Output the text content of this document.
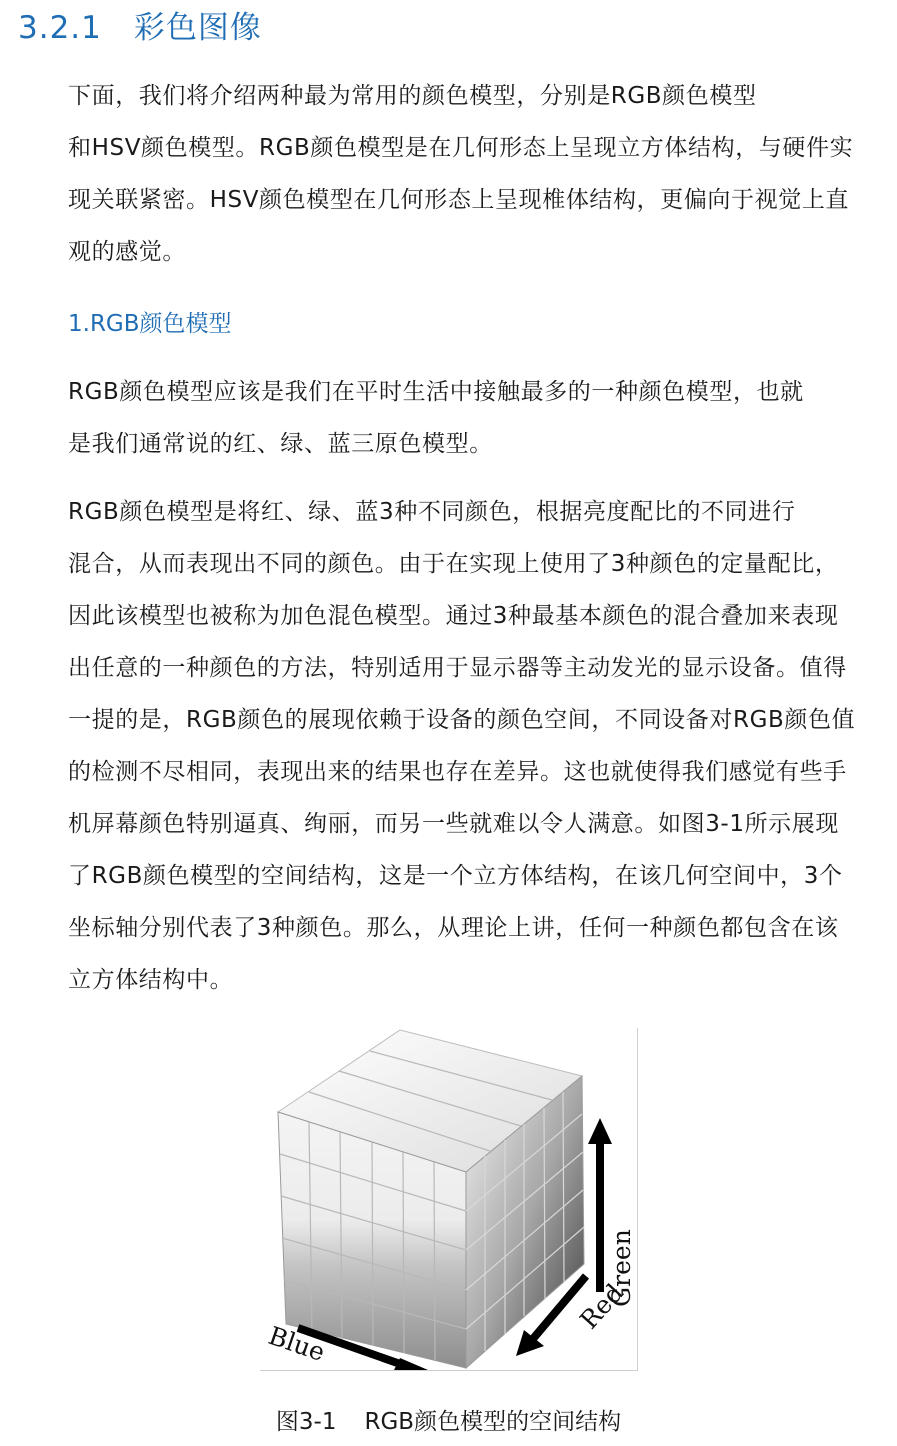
3.2.1 彩色图像

下面，我们将介绍两种最为常用的颜色模型，分别是RGB颜色模型
和HSV颜色模型。RGB颜色模型是在几何形态上呈现立方体结构，与硬件实
现关联紧密。HSV颜色模型在几何形态上呈现椎体结构，更偏向于视觉上直
观的感觉。

1.RGB颜色模型

RGB颜色模型应该是我们在平时生活中接触最多的一种颜色模型，也就
是我们通常说的红、绿、蓝三原色模型。

RGB颜色模型是将红、绿、蓝3种不同颜色，根据亮度配比的不同进行
混合，从而表现出不同的颜色。由于在实现上使用了3种颜色的定量配比，
因此该模型也被称为加色混色模型。通过3种最基本颜色的混合叠加来表现
出任意的一种颜色的方法，特别适用于显示器等主动发光的显示设备。值得
一提的是，RGB颜色的展现依赖于设备的颜色空间，不同设备对RGB颜色值
的检测不尽相同，表现出来的结果也存在差异。这也就使得我们感觉有些手
机屏幕颜色特别逼真、绚丽，而另一些就难以令人满意。如图3-1所示展现
了RGB颜色模型的空间结构，这是一个立方体结构，在该几何空间中，3个
坐标轴分别代表了3种颜色。那么，从理论上讲，任何一种颜色都包含在该
立方体结构中。

Green
Red
Blue

图3-1 RGB颜色模型的空间结构
